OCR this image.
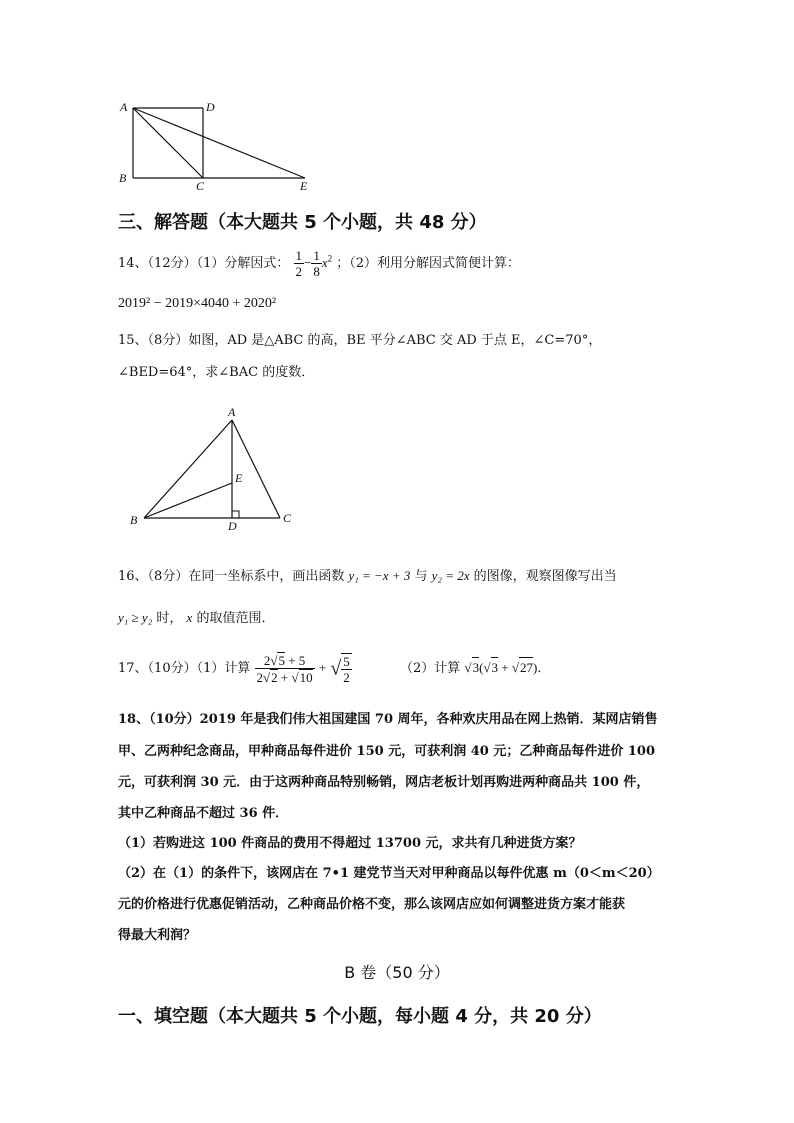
A	D
B
C	E
三、解答题（本大题共 5 个小题，共 48 分）
14、（12分）（1）分解因式： $\frac{1}{2} - \frac{1}{8} x^2$ ；（2）利用分解因式简便计算：
2019² − 2019×4040 + 2020²
15、（8分）如图，AD 是△ABC 的高，BE 平分∠ABC 交 AD 于点 E，∠C=70°，
∠BED=64°，求∠BAC 的度数．
A
E
B	D
C
16、（8分）在同一坐标系中，画出函数 y₁ = −x + 3 与 y₂ = 2x 的图像，观察图像写出当
y₁ ≥ y₂ 时， x 的取值范围．
17、（10分）（1）计算 $\frac{2√5 + 5}{2√2 + √10}$ + √ $\frac{5}{2}$	（2）计算 √3(√3 + √27)．
18、（10分）2019 年是我们伟大祖国建国 70 周年，各种欢庆用品在网上热销．某网店销售
甲、乙两种纪念商品，甲种商品每件进价 150 元，可获利润 40 元；乙种商品每件进价 100
元，可获利润 30 元．由于这两种商品特别畅销，网店老板计划再购进两种商品共 100 件，
其中乙种商品不超过 36 件．
（1）若购进这 100 件商品的费用不得超过 13700 元，求共有几种进货方案？
（2）在（1）的条件下，该网店在 7•1 建党节当天对甲种商品以每件优惠 m（0＜m＜20）
元的价格进行优惠促销活动，乙种商品价格不变，那么该网店应如何调整进货方案才能获
得最大利润？
B 卷（50 分）
一、填空题（本大题共 5 个小题，每小题 4 分，共 20 分）
